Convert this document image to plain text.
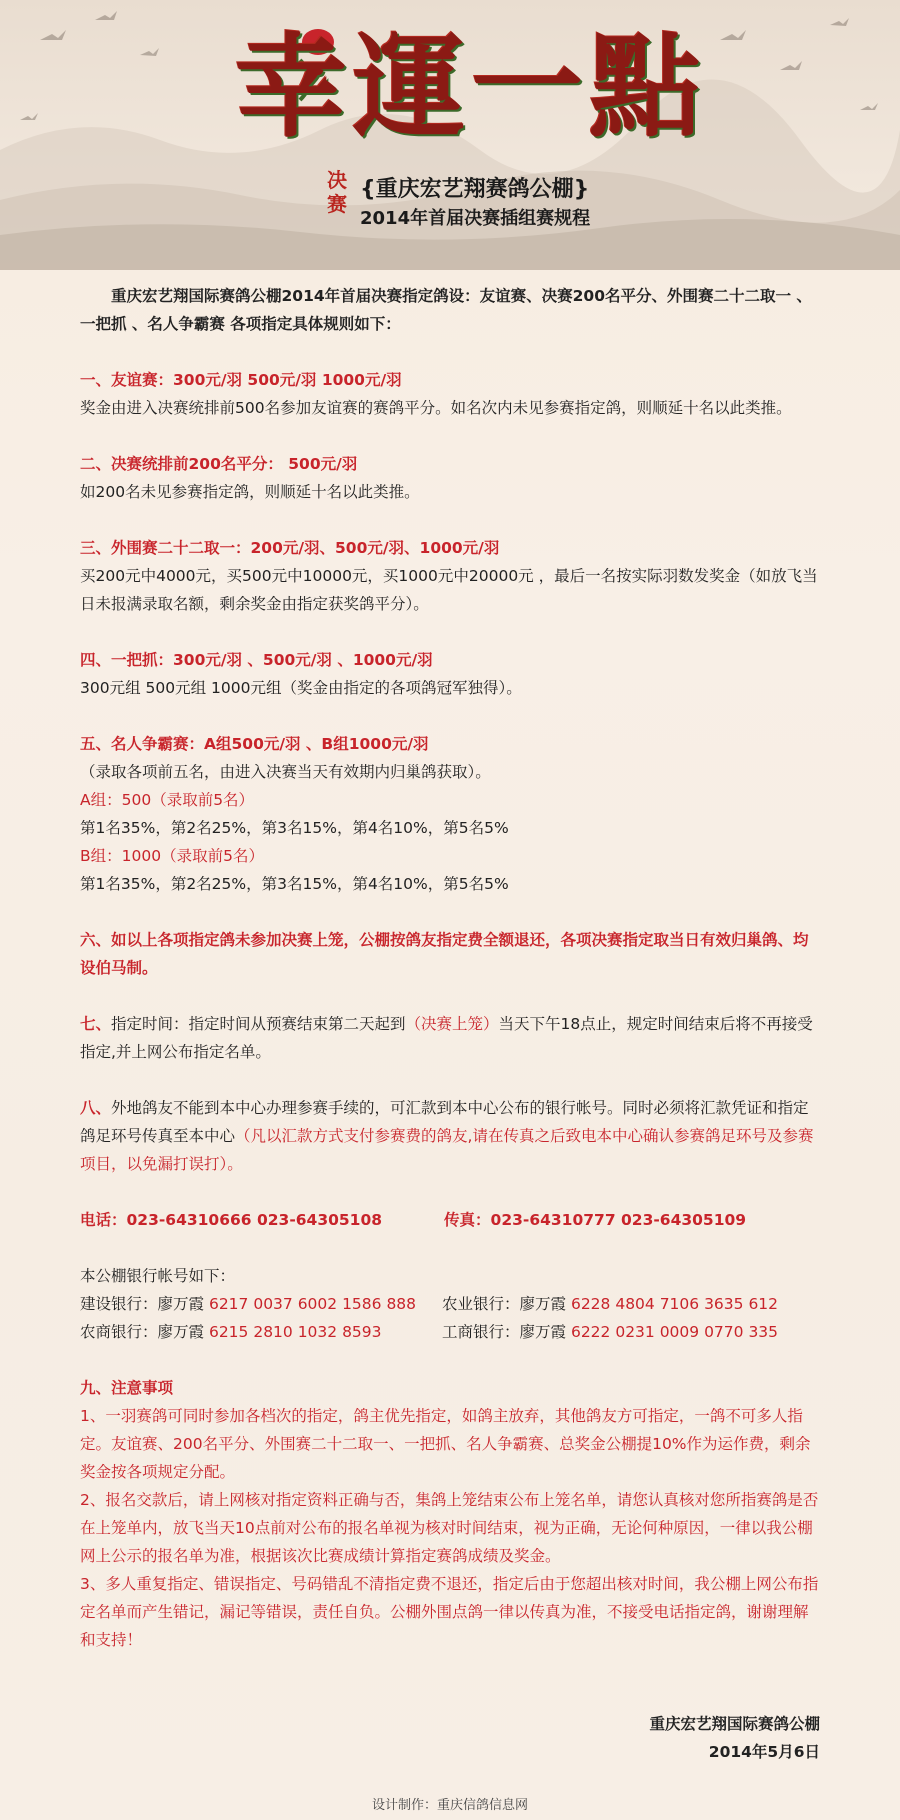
幸運一點
决赛
{重庆宏艺翔赛鸽公棚}
2014年首届决赛插组赛规程

重庆宏艺翔国际赛鸽公棚2014年首届决赛指定鸽设：友谊赛、决赛200名平分、外围赛二十二取一 、一把抓 、名人争霸赛 各项指定具体规则如下：

一、友谊赛：300元/羽 500元/羽 1000元/羽

奖金由进入决赛统排前500名参加友谊赛的赛鸽平分。如名次内未见参赛指定鸽，则顺延十名以此类推。

二、决赛统排前200名平分： 500元/羽

如200名未见参赛指定鸽，则顺延十名以此类推。

三、外围赛二十二取一：200元/羽、500元/羽、1000元/羽

买200元中4000元，买500元中10000元，买1000元中20000元 ，最后一名按实际羽数发奖金（如放飞当日未报满录取名额，剩余奖金由指定获奖鸽平分）。

四、一把抓：300元/羽 、500元/羽 、1000元/羽

300元组 500元组 1000元组（奖金由指定的各项鸽冠军独得）。

五、名人争霸赛：A组500元/羽 、B组1000元/羽

（录取各项前五名，由进入决赛当天有效期内归巢鸽获取）。

A组：500（录取前5名）

第1名35%，第2名25%，第3名15%，第4名10%，第5名5%

B组：1000（录取前5名）

第1名35%，第2名25%，第3名15%，第4名10%，第5名5%

六、如以上各项指定鸽未参加决赛上笼，公棚按鸽友指定费全额退还，各项决赛指定取当日有效归巢鸽、均设伯马制。

七、指定时间：指定时间从预赛结束第二天起到（决赛上笼）当天下午18点止，规定时间结束后将不再接受指定,并上网公布指定名单。

八、外地鸽友不能到本中心办理参赛手续的，可汇款到本中心公布的银行帐号。同时必须将汇款凭证和指定鸽足环号传真至本中心（凡以汇款方式支付参赛费的鸽友,请在传真之后致电本中心确认参赛鸽足环号及参赛项目，以免漏打误打）。

电话：023-64310666 023-64305108	传真：023-64310777 023-64305109

本公棚银行帐号如下：

建设银行：廖万霞 6217 0037 6002 1586 888	农业银行：廖万霞 6228 4804 7106 3635 612
农商银行：廖万霞 6215 2810 1032 8593	工商银行：廖万霞 6222 0231 0009 0770 335

九、注意事项

1、一羽赛鸽可同时参加各档次的指定，鸽主优先指定，如鸽主放弃，其他鸽友方可指定，一鸽不可多人指定。友谊赛、200名平分、外围赛二十二取一、一把抓、名人争霸赛、总奖金公棚提10%作为运作费，剩余奖金按各项规定分配。

2、报名交款后，请上网核对指定资料正确与否，集鸽上笼结束公布上笼名单，请您认真核对您所指赛鸽是否在上笼单内，放飞当天10点前对公布的报名单视为核对时间结束，视为正确，无论何种原因，一律以我公棚网上公示的报名单为准，根据该次比赛成绩计算指定赛鸽成绩及奖金。

3、多人重复指定、错误指定、号码错乱不清指定费不退还，指定后由于您超出核对时间，我公棚上网公布指定名单而产生错记，漏记等错误，责任自负。公棚外围点鸽一律以传真为准，不接受电话指定鸽，谢谢理解和支持！

重庆宏艺翔国际赛鸽公棚

2014年5月6日

设计制作：重庆信鸽信息网
